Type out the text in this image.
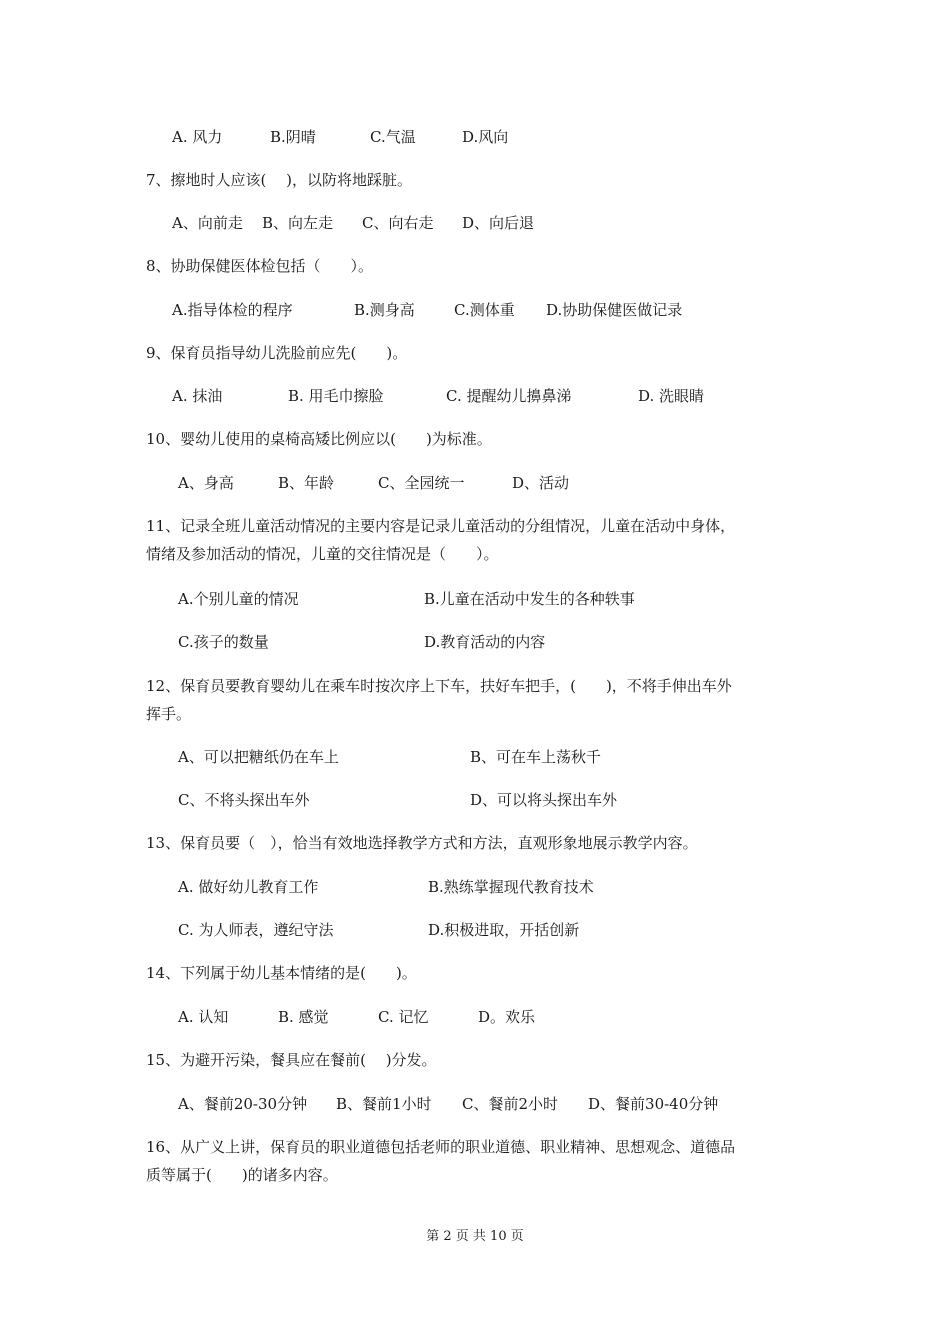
A. 风力	B.阴晴	C.气温	D.风向
7、擦地时人应该(　 )，以防将地踩脏。
A、向前走 B、向左走 C、向右走 D、向后退
8、协助保健医体检包括（　　）。
A.指导体检的程序	B.测身高	C.测体重 D.协助保健医做记录
9、保育员指导幼儿洗脸前应先(　　)。
A. 抹油	B. 用毛巾擦脸	C. 提醒幼儿擤鼻涕	D. 洗眼睛
10、婴幼儿使用的桌椅高矮比例应以(　　)为标准。
A、身高	B、年龄	C、全园统一	D、活动
11、记录全班儿童活动情况的主要内容是记录儿童活动的分组情况，儿童在活动中身体，
情绪及参加活动的情况，儿童的交往情况是（　　）。
A.个别儿童的情况	B.儿童在活动中发生的各种轶事
C.孩子的数量	D.教育活动的内容
12、保育员要教育婴幼儿在乘车时按次序上下车，扶好车把手，(　　)，不将手伸出车外
挥手。
A、可以把糖纸仍在车上	B、可在车上荡秋千
C、不将头探出车外	D、可以将头探出车外
13、保育员要（　），恰当有效地选择教学方式和方法，直观形象地展示教学内容。
A. 做好幼儿教育工作	B.熟练掌握现代教育技术
C. 为人师表，遵纪守法	D.积极进取，开括创新
14、下列属于幼儿基本情绪的是(　　)。
A. 认知	B. 感觉	C. 记忆	D。欢乐
15、为避开污染，餐具应在餐前(　 )分发。
A、餐前20-30分钟 B、餐前1小时 C、餐前2小时 D、餐前30-40分钟
16、从广义上讲，保育员的职业道德包括老师的职业道德、职业精神、思想观念、道德品
质等属于(　　)的诸多内容。
第 2 页 共 10 页
